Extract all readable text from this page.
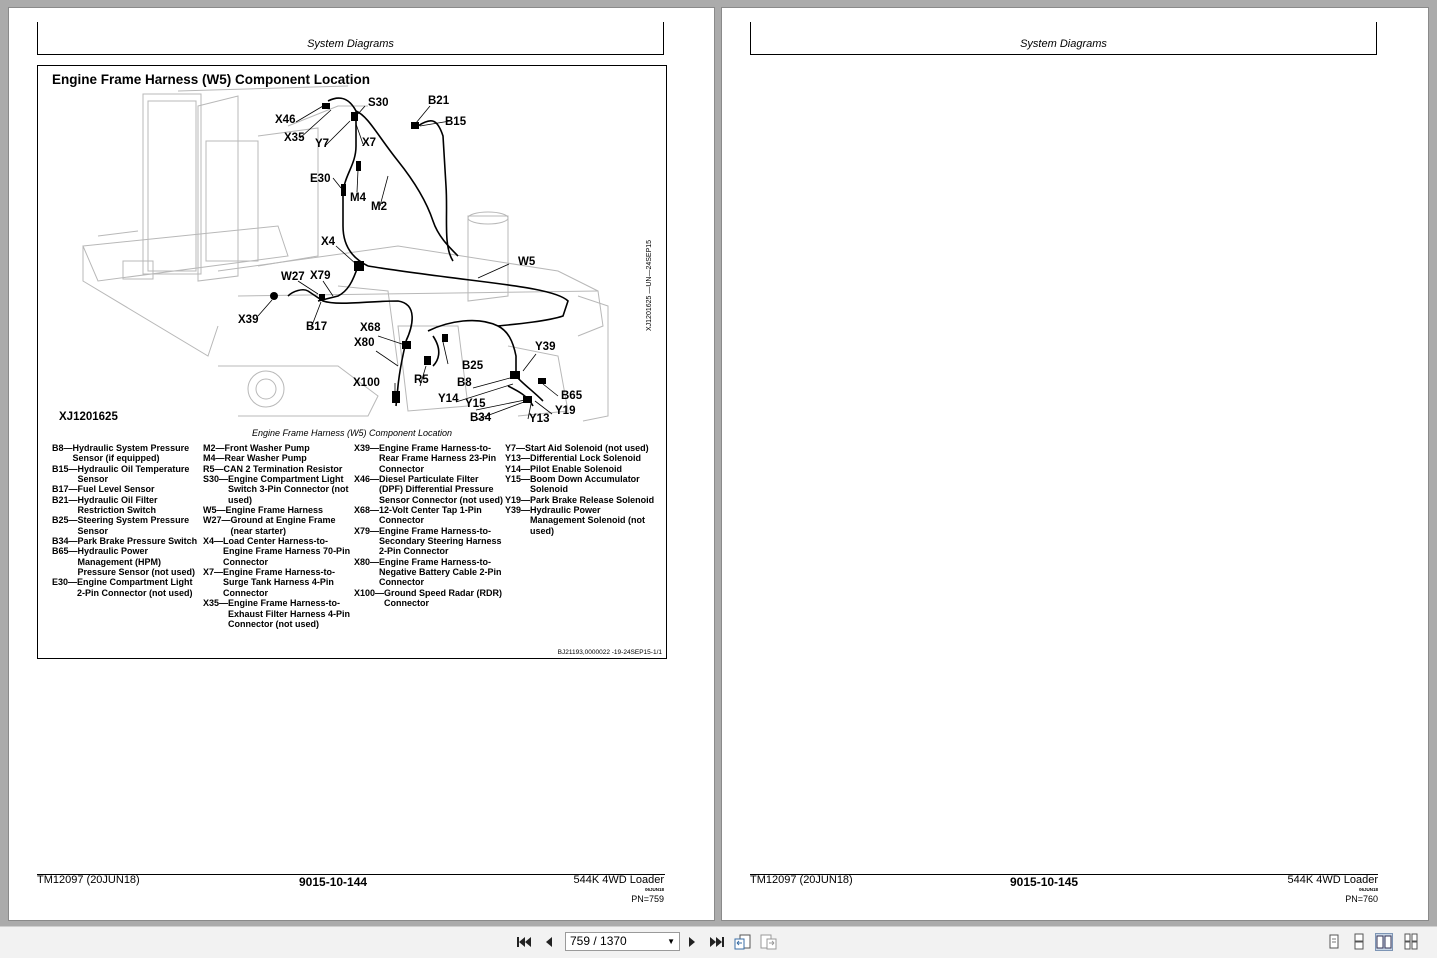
System Diagrams
S30
X46
X35 Y7	X7
E30
M4
M2
B21
B15
X4
W5
W27 X79
X39
B17	X68
X80
B25
Y39
X100	R5 B8
B65
Y14 Y15
Y19
B34	Y13
Engine Frame Harness (W5) Component Location
XJ1201625 —UN—24SEP15
XJ1201625
Engine Frame Harness (W5) Component Location
B8— Hydraulic System Pressure Sensor (if equipped)
B15— Hydraulic Oil Temperature Sensor
B17— Fuel Level Sensor
B21— Hydraulic Oil Filter Restriction Switch
B25— Steering System Pressure Sensor
B34— Park Brake Pressure Switch
B65— Hydraulic Power Management (HPM) Pressure Sensor (not used)
E30— Engine Compartment Light 2-Pin Connector (not used)
M2— Front Washer Pump
M4— Rear Washer Pump
R5— CAN 2 Termination Resistor
S30— Engine Compartment Light Switch 3-Pin Connector (not used)
W5— Engine Frame Harness
W27— Ground at Engine Frame (near starter)
X4— Load Center Harness-to-Engine Frame Harness 70-Pin Connector
X7— Engine Frame Harness-to-Surge Tank Harness 4-Pin Connector
X35— Engine Frame Harness-to-Exhaust Filter Harness 4-Pin Connector (not used)
X39— Engine Frame Harness-to-Rear Frame Harness 23-Pin Connector
X46— Diesel Particulate Filter (DPF) Differential Pressure Sensor Connector (not used)
X68— 12-Volt Center Tap 1-Pin Connector
X79— Engine Frame Harness-to-Secondary Steering Harness 2-Pin Connector
X80— Engine Frame Harness-to-Negative Battery Cable 2-Pin Connector
X100— Ground Speed Radar (RDR) Connector
Y7— Start Aid Solenoid (not used)
Y13— Differential Lock Solenoid
Y14— Pilot Enable Solenoid
Y15— Boom Down Accumulator Solenoid
Y19— Park Brake Release Solenoid
Y39— Hydraulic Power Management Solenoid (not used)
BJ21193,0000022 -19-24SEP15-1/1
TM12097 (20JUN18)	9015-10-144	544K 4WD Loader
06JUN18
PN=759
System Diagrams
TM12097 (20JUN18)	9015-10-145	544K 4WD Loader
06JUN18
PN=760
759 / 1370	▼
